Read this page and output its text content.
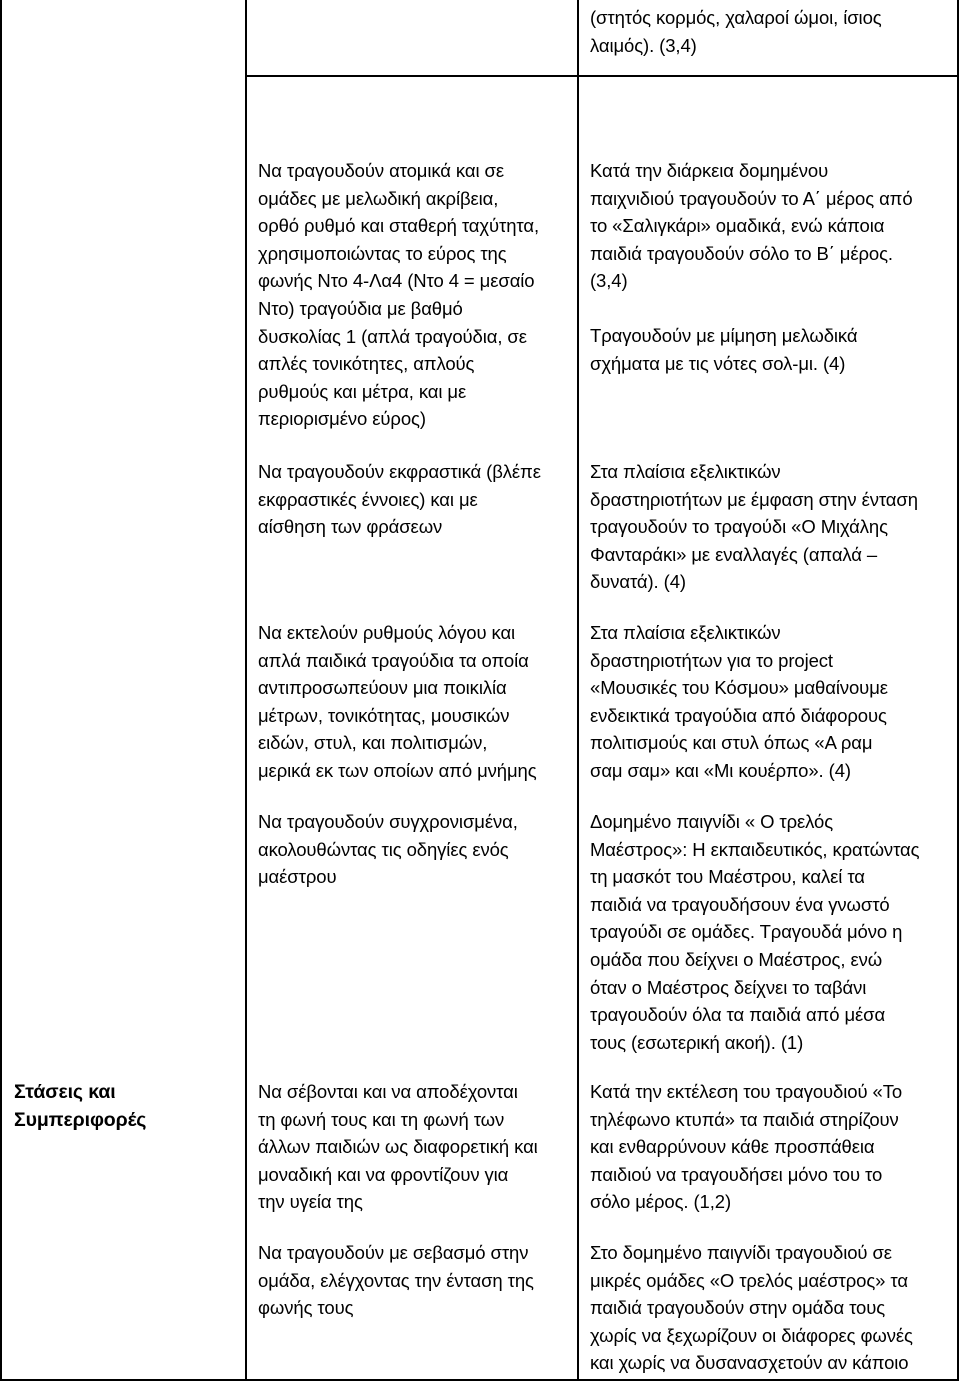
Στάσεις και
Συμπεριφορές

(στητός κορμός, χαλαροί ώμοι, ίσιος
λαιμός). (3,4)

Να τραγουδούν ατομικά και σε
ομάδες με μελωδική ακρίβεια,
ορθό ρυθμό και σταθερή ταχύτητα,
χρησιμοποιώντας το εύρος της
φωνής Ντο 4-Λα4 (Ντο 4 = μεσαίο
Ντο) τραγούδια με βαθμό
δυσκολίας 1 (απλά τραγούδια, σε
απλές τονικότητες, απλούς
ρυθμούς και μέτρα, και με
περιορισμένο εύρος)

Κατά την διάρκεια δομημένου
παιχνιδιού τραγουδούν το Α΄ μέρος από
το «Σαλιγκάρι» ομαδικά, ενώ κάποια
παιδιά τραγουδούν σόλο το Β΄ μέρος.
(3,4)

Τραγουδούν με μίμηση μελωδικά
σχήματα με τις νότες σολ-μι. (4)

Να τραγουδούν εκφραστικά (βλέπε
εκφραστικές έννοιες) και με
αίσθηση των φράσεων

Στα πλαίσια εξελικτικών
δραστηριοτήτων με έμφαση στην ένταση
τραγουδούν το τραγούδι «Ο Μιχάλης
Φανταράκι» με εναλλαγές (απαλά –
δυνατά). (4)

Να εκτελούν ρυθμούς λόγου και
απλά παιδικά τραγούδια τα οποία
αντιπροσωπεύουν μια ποικιλία
μέτρων, τονικότητας, μουσικών
ειδών, στυλ, και πολιτισμών,
μερικά εκ των οποίων από μνήμης

Στα πλαίσια εξελικτικών
δραστηριοτήτων για το project
«Μουσικές του Κόσμου» μαθαίνουμε
ενδεικτικά τραγούδια από διάφορους
πολιτισμούς και στυλ όπως «Α ραμ
σαμ σαμ» και «Μι κουέρπο». (4)

Να τραγουδούν συγχρονισμένα,
ακολουθώντας τις οδηγίες ενός
μαέστρου

Δομημένο παιγνίδι « Ο τρελός
Μαέστρος»: Η εκπαιδευτικός, κρατώντας
τη μασκότ του Μαέστρου, καλεί τα
παιδιά να τραγουδήσουν ένα γνωστό
τραγούδι σε ομάδες. Τραγουδά μόνο η
ομάδα που δείχνει ο Μαέστρος, ενώ
όταν ο Μαέστρος δείχνει το ταβάνι
τραγουδούν όλα τα παιδιά από μέσα
τους (εσωτερική ακοή). (1)

Να σέβονται και να αποδέχονται
τη φωνή τους και τη φωνή των
άλλων παιδιών ως διαφορετική και
μοναδική και να φροντίζουν για
την υγεία της

Κατά την εκτέλεση του τραγουδιού «Το
τηλέφωνο κτυπά» τα παιδιά στηρίζουν
και ενθαρρύνουν κάθε προσπάθεια
παιδιού να τραγουδήσει μόνο του το
σόλο μέρος. (1,2)

Να τραγουδούν με σεβασμό στην
ομάδα, ελέγχοντας την ένταση της
φωνής τους

Στο δομημένο παιγνίδι τραγουδιού σε
μικρές ομάδες «Ο τρελός μαέστρος» τα
παιδιά τραγουδούν στην ομάδα τους
χωρίς να ξεχωρίζουν οι διάφορες φωνές
και χωρίς να δυσανασχετούν αν κάποιο
